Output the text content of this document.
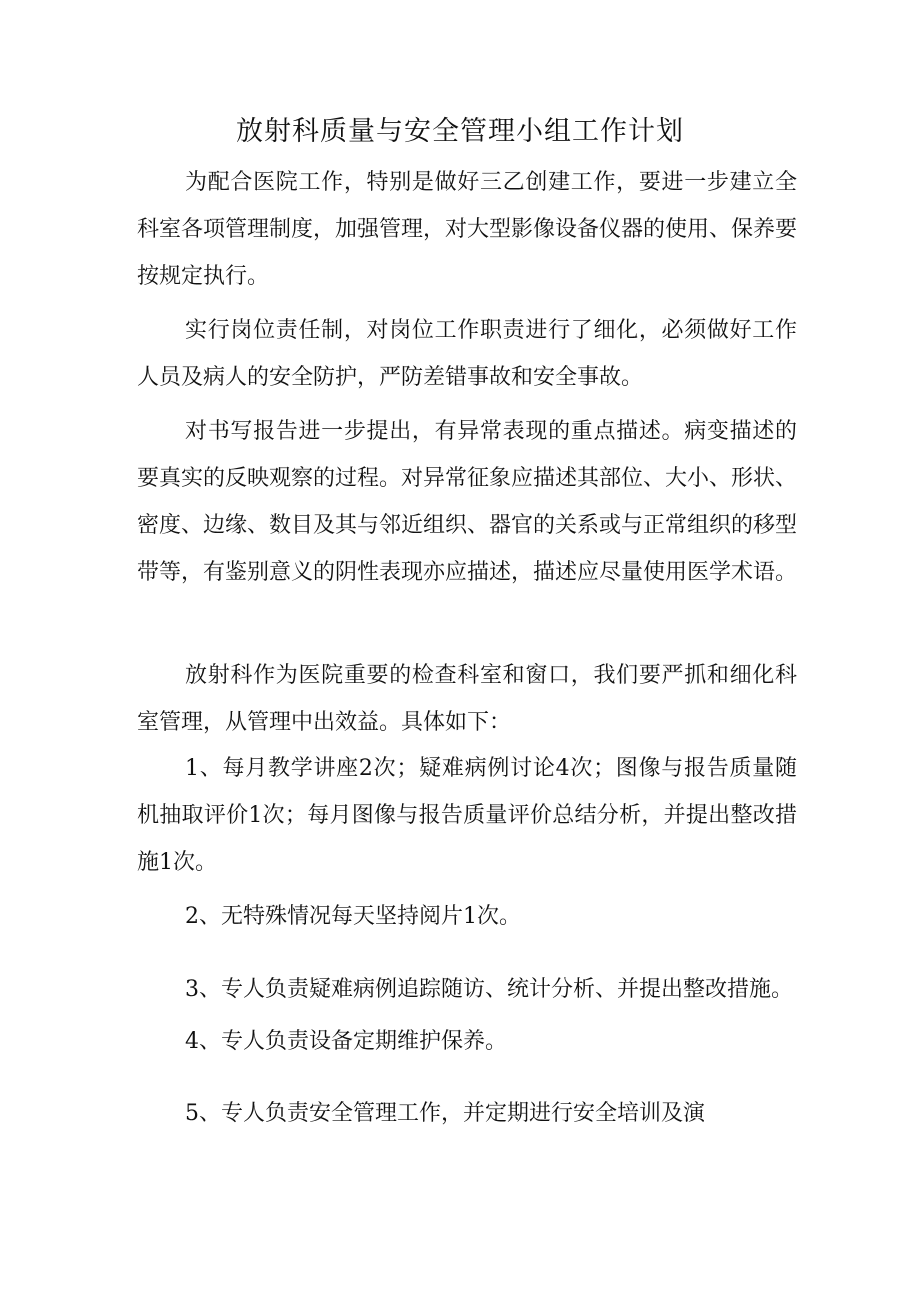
放射科质量与安全管理小组工作计划

为配合医院工作，特别是做好三乙创建工作，要进一步建立全科室各项管理制度，加强管理，对大型影像设备仪器的使用、保养要按规定执行。

实行岗位责任制，对岗位工作职责进行了细化，必须做好工作人员及病人的安全防护，严防差错事故和安全事故。

对书写报告进一步提出，有异常表现的重点描述。病变描述的要真实的反映观察的过程。对异常征象应描述其部位、大小、形状、密度、边缘、数目及其与邻近组织、器官的关系或与正常组织的移型带等，有鉴别意义的阴性表现亦应描述，描述应尽量使用医学术语。

放射科作为医院重要的检查科室和窗口，我们要严抓和细化科室管理，从管理中出效益。具体如下：

1、每月教学讲座2次；疑难病例讨论4次；图像与报告质量随机抽取评价1次；每月图像与报告质量评价总结分析，并提出整改措施1次。

2、无特殊情况每天坚持阅片1次。

3、专人负责疑难病例追踪随访、统计分析、并提出整改措施。

4、专人负责设备定期维护保养。

5、专人负责安全管理工作，并定期进行安全培训及演
